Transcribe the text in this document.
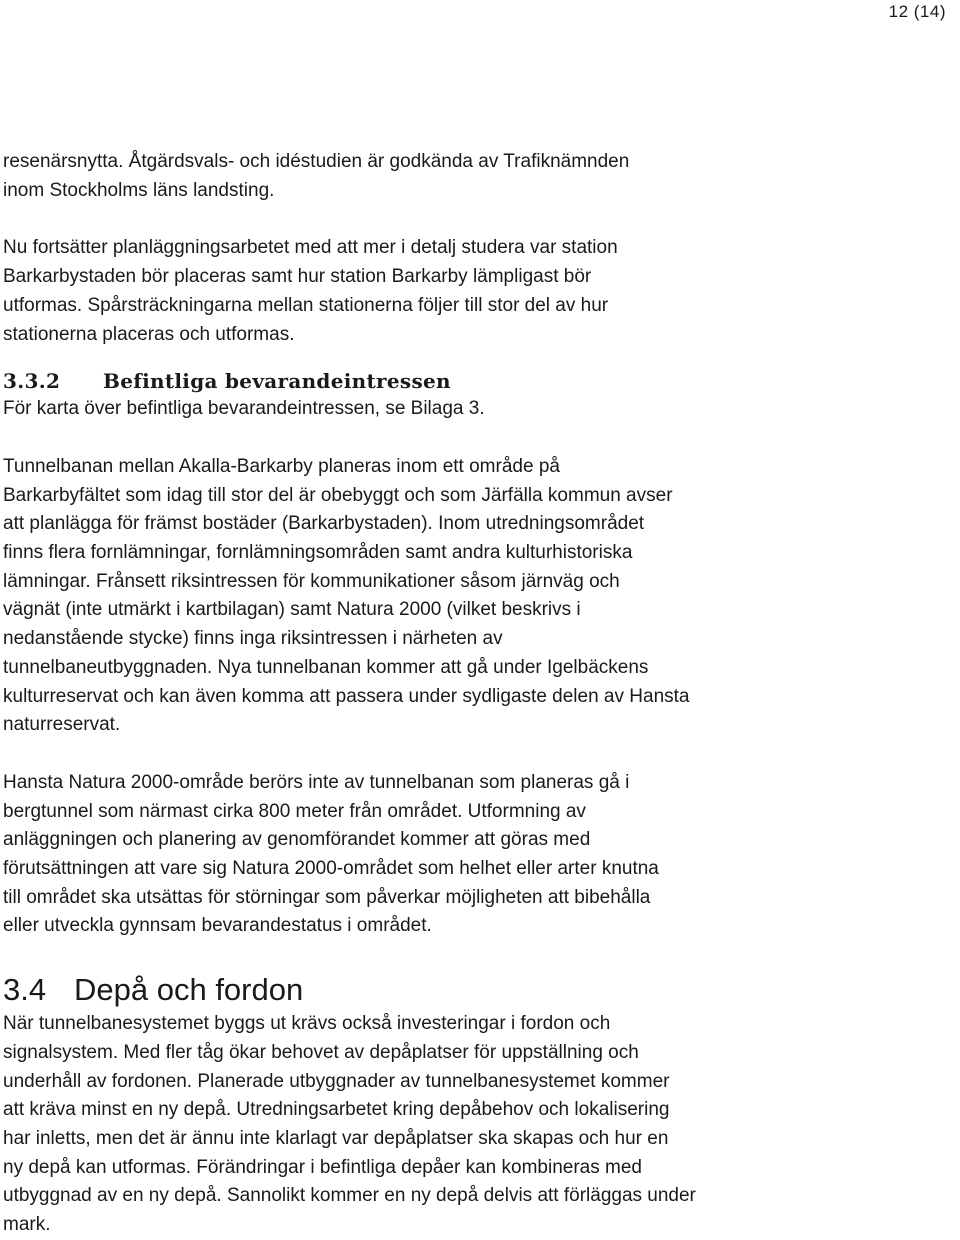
12 (14)

resenärsnytta. Åtgärdsvals- och idéstudien är godkända av Trafiknämnden
inom Stockholms läns landsting.

Nu fortsätter planläggningsarbetet med att mer i detalj studera var station
Barkarbystaden bör placeras samt hur station Barkarby lämpligast bör
utformas. Spårsträckningarna mellan stationerna följer till stor del av hur
stationerna placeras och utformas.

3.3.2	Befintliga bevarandeintressen

För karta över befintliga bevarandeintressen, se Bilaga 3.

Tunnelbanan mellan Akalla-Barkarby planeras inom ett område på
Barkarbyfältet som idag till stor del är obebyggt och som Järfälla kommun avser
att planlägga för främst bostäder (Barkarbystaden). Inom utredningsområdet
finns flera fornlämningar, fornlämningsområden samt andra kulturhistoriska
lämningar. Frånsett riksintressen för kommunikationer såsom järnväg och
vägnät (inte utmärkt i kartbilagan) samt Natura 2000 (vilket beskrivs i
nedanstående stycke) finns inga riksintressen i närheten av
tunnelbaneutbyggnaden. Nya tunnelbanan kommer att gå under Igelbäckens
kulturreservat och kan även komma att passera under sydligaste delen av Hansta
naturreservat.

Hansta Natura 2000-område berörs inte av tunnelbanan som planeras gå i
bergtunnel som närmast cirka 800 meter från området. Utformning av
anläggningen och planering av genomförandet kommer att göras med
förutsättningen att vare sig Natura 2000-området som helhet eller arter knutna
till området ska utsättas för störningar som påverkar möjligheten att bibehålla
eller utveckla gynnsam bevarandestatus i området.

3.4 Depå och fordon

När tunnelbanesystemet byggs ut krävs också investeringar i fordon och
signalsystem. Med fler tåg ökar behovet av depåplatser för uppställning och
underhåll av fordonen. Planerade utbyggnader av tunnelbanesystemet kommer
att kräva minst en ny depå. Utredningsarbetet kring depåbehov och lokalisering
har inletts, men det är ännu inte klarlagt var depåplatser ska skapas och hur en
ny depå kan utformas. Förändringar i befintliga depåer kan kombineras med
utbyggnad av en ny depå. Sannolikt kommer en ny depå delvis att förläggas under
mark.
